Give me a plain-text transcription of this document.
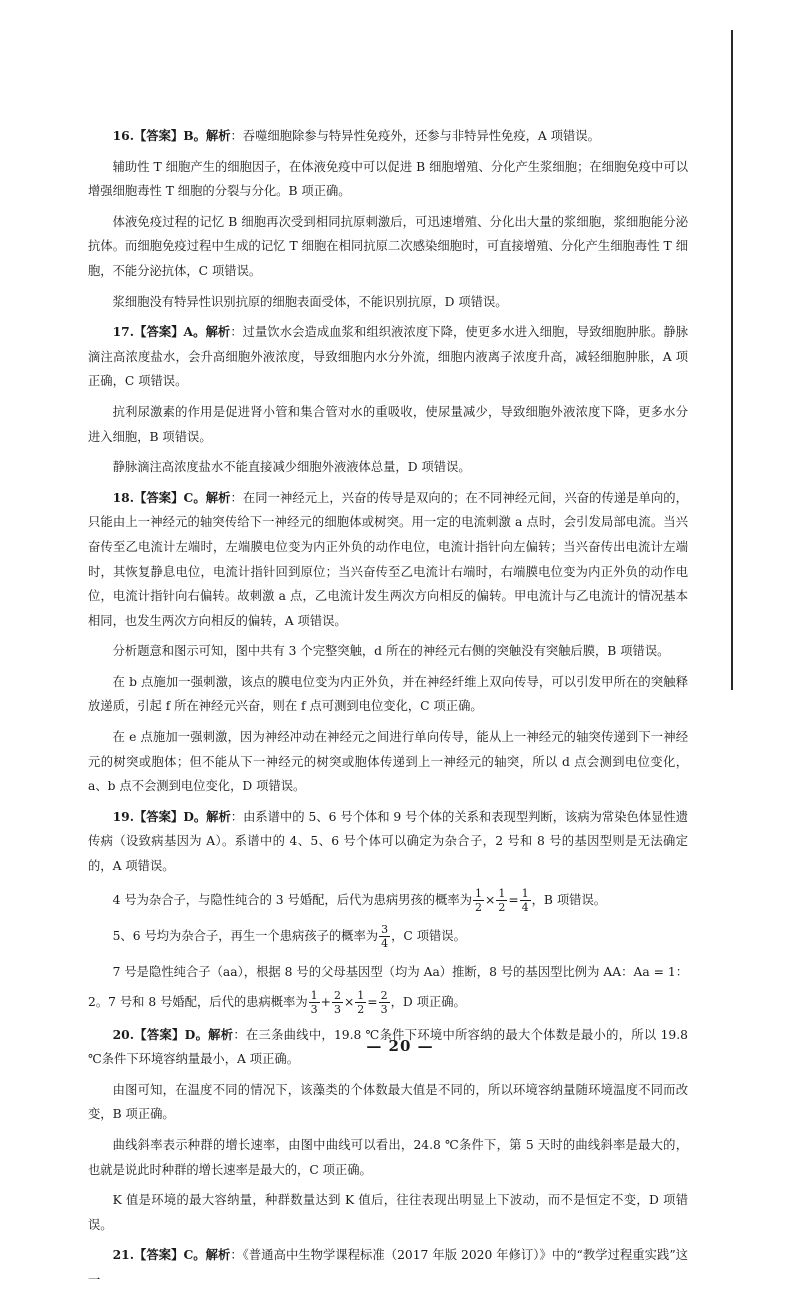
16.【答案】B。解析：吞噬细胞除参与特异性免疫外，还参与非特异性免疫，A 项错误。

辅助性 T 细胞产生的细胞因子，在体液免疫中可以促进 B 细胞增殖、分化产生浆细胞；在细胞免疫中可以增强细胞毒性 T 细胞的分裂与分化。B 项正确。

体液免疫过程的记忆 B 细胞再次受到相同抗原刺激后，可迅速增殖、分化出大量的浆细胞，浆细胞能分泌抗体。而细胞免疫过程中生成的记忆 T 细胞在相同抗原二次感染细胞时，可直接增殖、分化产生细胞毒性 T 细胞，不能分泌抗体，C 项错误。

浆细胞没有特异性识别抗原的细胞表面受体，不能识别抗原，D 项错误。

17.【答案】A。解析：过量饮水会造成血浆和组织液浓度下降，使更多水进入细胞，导致细胞肿胀。静脉滴注高浓度盐水，会升高细胞外液浓度，导致细胞内水分外流，细胞内液离子浓度升高，减轻细胞肿胀，A 项正确，C 项错误。

抗利尿激素的作用是促进肾小管和集合管对水的重吸收，使尿量减少，导致细胞外液浓度下降，更多水分进入细胞，B 项错误。

静脉滴注高浓度盐水不能直接减少细胞外液液体总量，D 项错误。

18.【答案】C。解析：在同一神经元上，兴奋的传导是双向的；在不同神经元间，兴奋的传递是单向的，只能由上一神经元的轴突传给下一神经元的细胞体或树突。用一定的电流刺激 a 点时，会引发局部电流。当兴奋传至乙电流计左端时，左端膜电位变为内正外负的动作电位，电流计指针向左偏转；当兴奋传出电流计左端时，其恢复静息电位，电流计指针回到原位；当兴奋传至乙电流计右端时，右端膜电位变为内正外负的动作电位，电流计指针向右偏转。故刺激 a 点，乙电流计发生两次方向相反的偏转。甲电流计与乙电流计的情况基本相同，也发生两次方向相反的偏转，A 项错误。

分析题意和图示可知，图中共有 3 个完整突触，d 所在的神经元右侧的突触没有突触后膜，B 项错误。

在 b 点施加一强刺激，该点的膜电位变为内正外负，并在神经纤维上双向传导，可以引发甲所在的突触释放递质，引起 f 所在神经元兴奋，则在 f 点可测到电位变化，C 项正确。

在 e 点施加一强刺激，因为神经冲动在神经元之间进行单向传导，能从上一神经元的轴突传递到下一神经元的树突或胞体；但不能从下一神经元的树突或胞体传递到上一神经元的轴突，所以 d 点会测到电位变化，a、b 点不会测到电位变化，D 项错误。

19.【答案】D。解析：由系谱中的 5、6 号个体和 9 号个体的关系和表现型判断，该病为常染色体显性遗传病（设致病基因为 A）。系谱中的 4、5、6 号个体可以确定为杂合子，2 号和 8 号的基因型则是无法确定的，A 项错误。

4 号为杂合子，与隐性纯合的 3 号婚配，后代为患病男孩的概率为 $\frac{1}{2} \times \frac{1}{2} = \frac{1}{4}$ ，B 项错误。

5、6 号均为杂合子，再生一个患病孩子的概率为 $\frac{3}{4}$ ，C 项错误。

7 号是隐性纯合子（aa），根据 8 号的父母基因型（均为 Aa）推断，8 号的基因型比例为 AA：Aa = 1：2。7 号和 8 号婚配，后代的患病概率为 $\frac{1}{3} + \frac{2}{3} \times \frac{1}{2} = \frac{2}{3}$ ，D 项正确。

20.【答案】D。解析：在三条曲线中，19.8 ℃条件下环境中所容纳的最大个体数是最小的，所以 19.8 ℃条件下环境容纳量最小，A 项正确。

由图可知，在温度不同的情况下，该藻类的个体数最大值是不同的，所以环境容纳量随环境温度不同而改变，B 项正确。

曲线斜率表示种群的增长速率，由图中曲线可以看出，24.8 ℃条件下，第 5 天时的曲线斜率是最大的，也就是说此时种群的增长速率是最大的，C 项正确。

K 值是环境的最大容纳量，种群数量达到 K 值后，往往表现出明显上下波动，而不是恒定不变，D 项错误。

21.【答案】C。解析：《普通高中生物学课程标准（2017 年版 2020 年修订）》中的“教学过程重实践”这一

— 20 —
